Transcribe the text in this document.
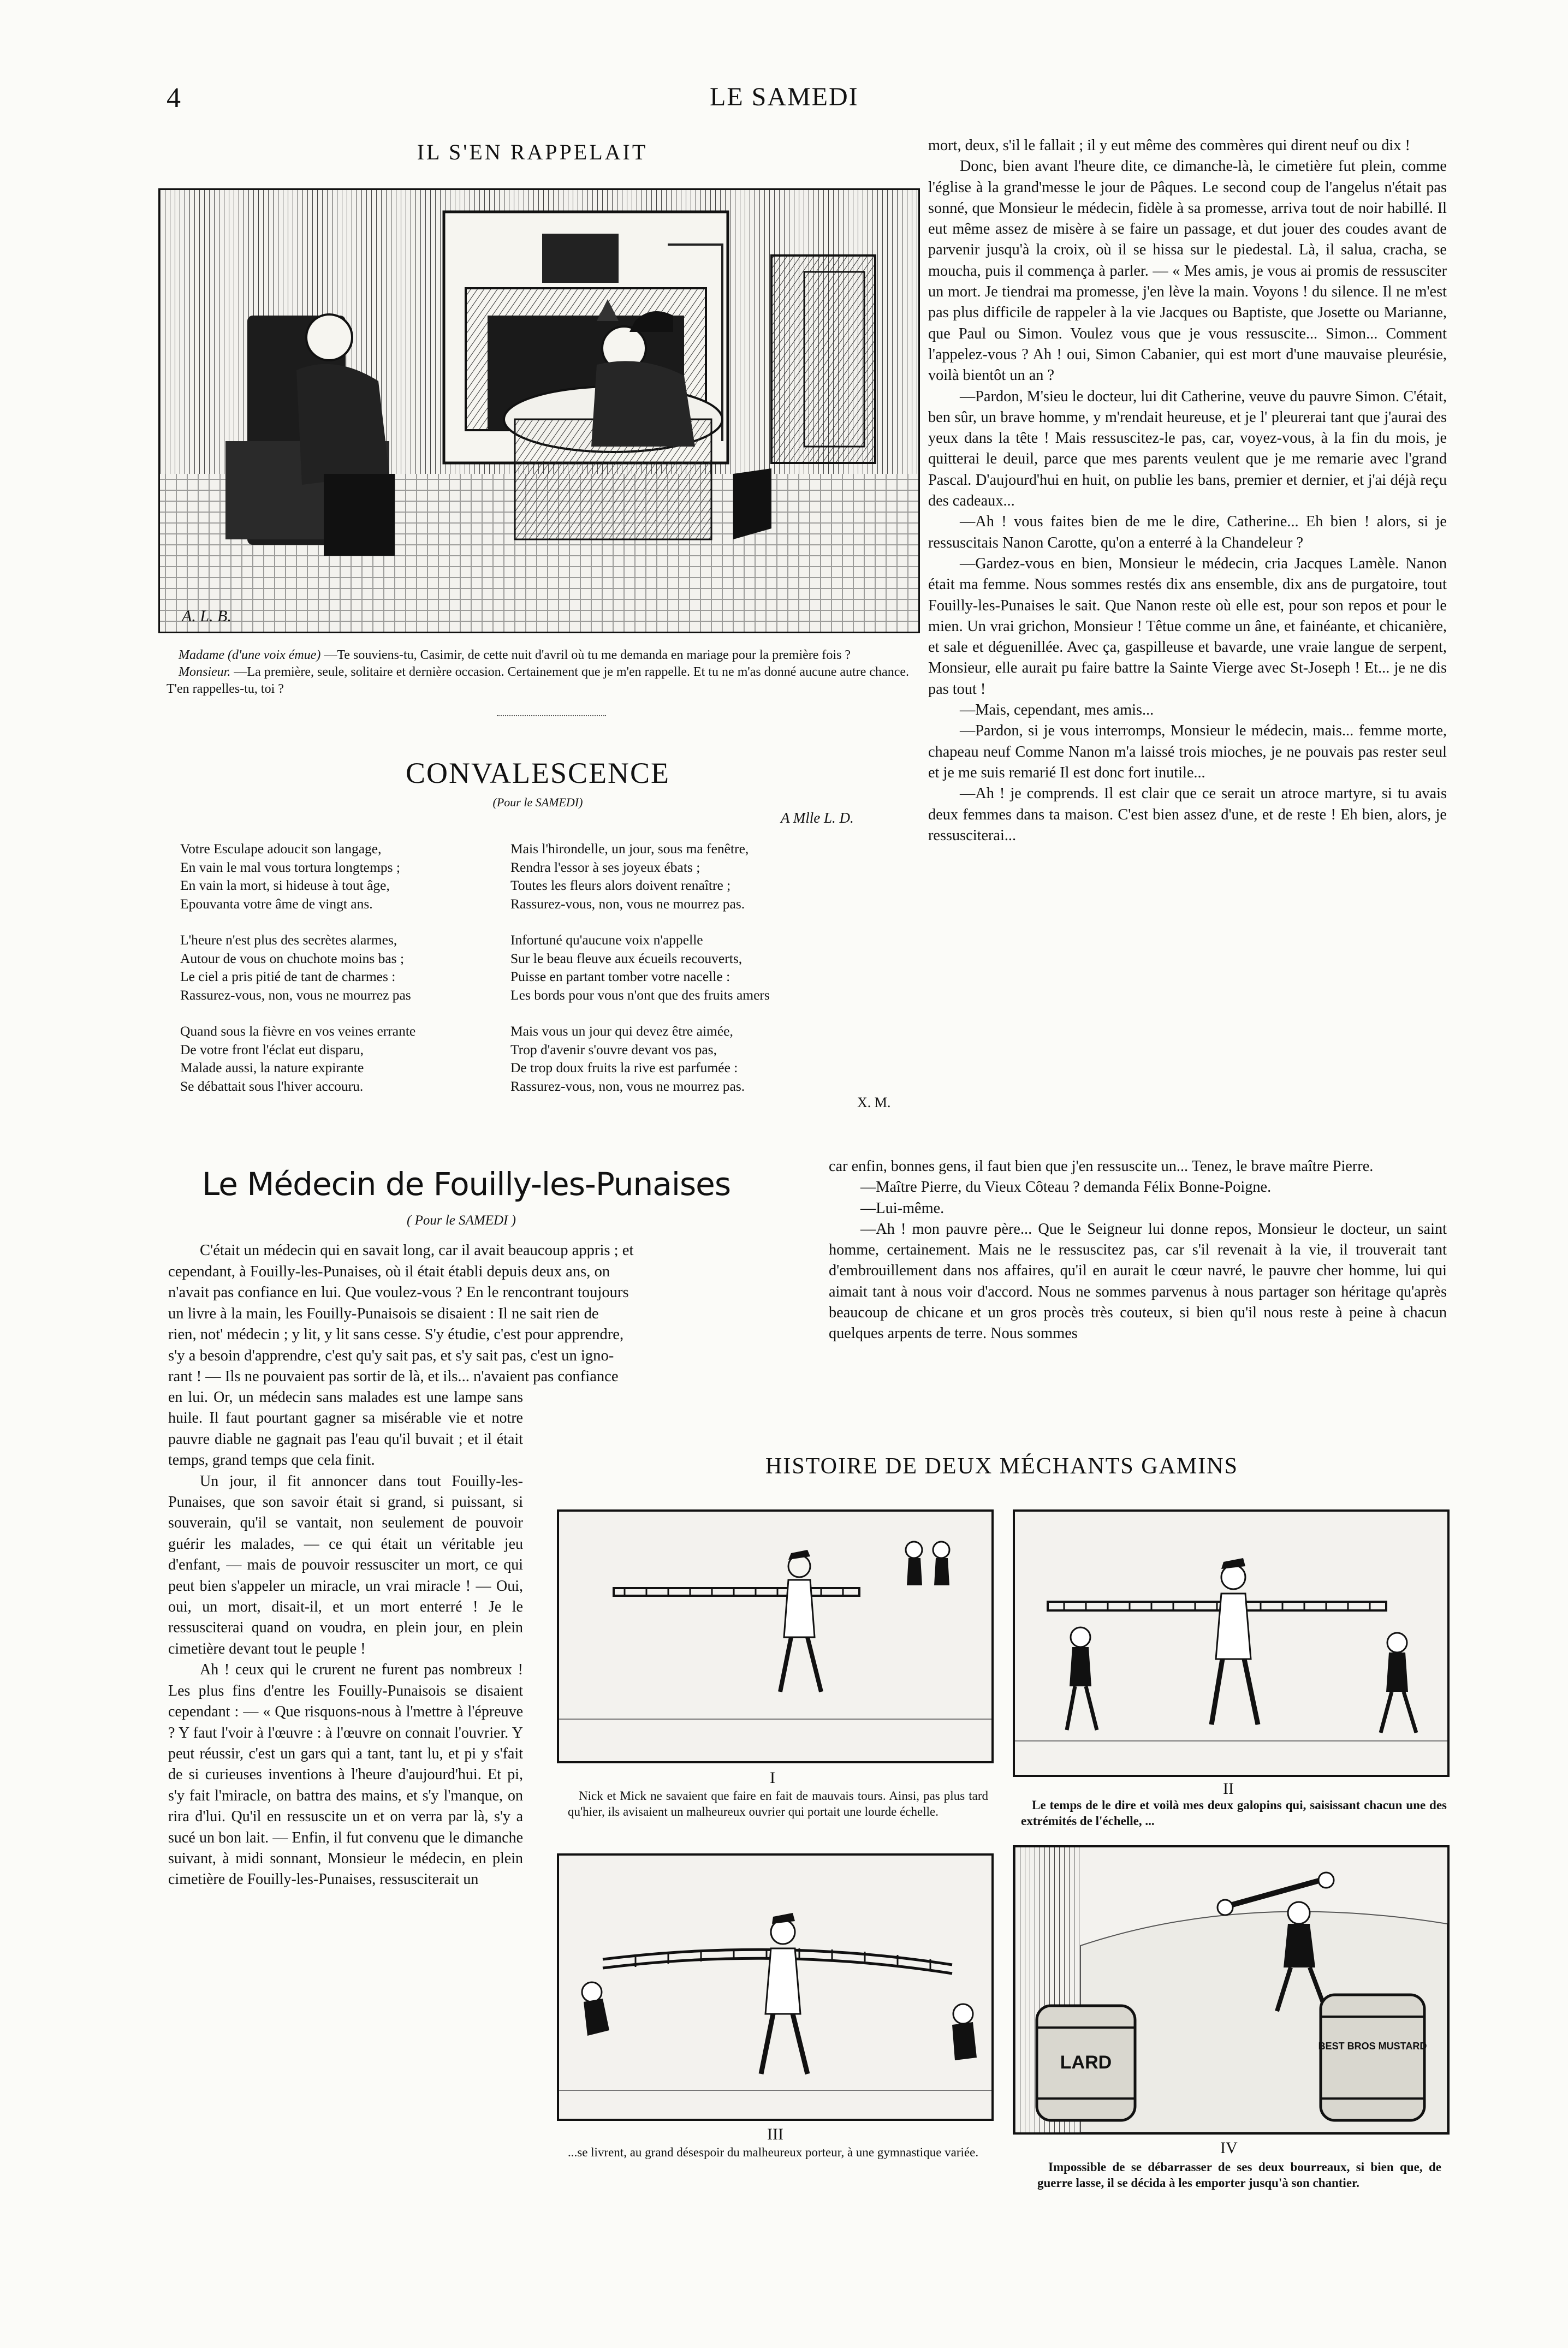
4	LE SAMEDI
IL S'EN RAPPELAIT
A. L. B.
Madame (d'une voix émue) —Te souviens-tu, Casimir, de cette nuit d'avril où tu me demanda en mariage pour la première fois ?
Monsieur. —La première, seule, solitaire et dernière occasion. Certainement que je m'en rappelle. Et tu ne m'as donné aucune autre chance. T'en rappelles-tu, toi ?
CONVALESCENCE
(Pour le SAMEDI)
A Mlle L. D.
Votre Esculape adoucit son langage,
En vain le mal vous tortura longtemps ;
En vain la mort, si hideuse à tout âge,
Epouvanta votre âme de vingt ans.
L'heure n'est plus des secrètes alarmes,
Autour de vous on chuchote moins bas ;
Le ciel a pris pitié de tant de charmes :
Rassurez-vous, non, vous ne mourrez pas
Quand sous la fièvre en vos veines errante
De votre front l'éclat eut disparu,
Malade aussi, la nature expirante
Se débattait sous l'hiver accouru.
Mais l'hirondelle, un jour, sous ma fenêtre,
Rendra l'essor à ses joyeux ébats ;
Toutes les fleurs alors doivent renaître ;
Rassurez-vous, non, vous ne mourrez pas.
Infortuné qu'aucune voix n'appelle
Sur le beau fleuve aux écueils recouverts,
Puisse en partant tomber votre nacelle :
Les bords pour vous n'ont que des fruits amers
Mais vous un jour qui devez être aimée,
Trop d'avenir s'ouvre devant vos pas,
De trop doux fruits la rive est parfumée :
Rassurez-vous, non, vous ne mourrez pas.
X. M.
Le Médecin de Fouilly-les-Punaises
( Pour le SAMEDI )
C'était un médecin qui en savait long, car il avait beaucoup appris ; et
cependant, à Fouilly-les-Punaises, où il était établi depuis deux ans, on
n'avait pas confiance en lui. Que voulez-vous ? En le rencontrant toujours
un livre à la main, les Fouilly-Punaisois se disaient : Il ne sait rien de
rien, not' médecin ; y lit, y lit sans cesse. S'y étudie, c'est pour apprendre,
s'y a besoin d'apprendre, c'est qu'y sait pas, et s'y sait pas, c'est un igno-
rant ! — Ils ne pouvaient pas sortir de là, et ils... n'avaient pas confiance

en lui. Or, un médecin sans malades est une lampe sans huile. Il faut pourtant gagner sa misérable vie et notre pauvre diable ne gagnait pas l'eau qu'il buvait ; et il était temps, grand temps que cela finit.

Un jour, il fit annoncer dans tout Fouilly-les-Punaises, que son savoir était si grand, si puissant, si souverain, qu'il se vantait, non seulement de pouvoir guérir les malades, — ce qui était un véritable jeu d'enfant, — mais de pouvoir ressusciter un mort, ce qui peut bien s'appeler un miracle, un vrai miracle ! — Oui, oui, un mort, disait-il, et un mort enterré ! Je le ressusciterai quand on voudra, en plein jour, en plein cimetière devant tout le peuple !

Ah ! ceux qui le crurent ne furent pas nombreux ! Les plus fins d'entre les Fouilly-Punaisois se disaient cependant : — « Que risquons-nous à l'mettre à l'épreuve ? Y faut l'voir à l'œuvre : à l'œuvre on connait l'ouvrier. Y peut réussir, c'est un gars qui a tant, tant lu, et pi y s'fait de si curieuses inventions à l'heure d'aujourd'hui. Et pi, s'y fait l'miracle, on battra des mains, et s'y l'manque, on rira d'lui. Qu'il en ressuscite un et on verra par là, s'y a sucé un bon lait. — Enfin, il fut convenu que le dimanche suivant, à midi sonnant, Monsieur le médecin, en plein cimetière de Fouilly-les-Punaises, ressusciterait un

mort, deux, s'il le fallait ; il y eut même des commères qui dirent neuf ou dix !

Donc, bien avant l'heure dite, ce dimanche-là, le cimetière fut plein, comme l'église à la grand'messe le jour de Pâques. Le second coup de l'angelus n'était pas sonné, que Monsieur le médecin, fidèle à sa promesse, arriva tout de noir habillé. Il eut même assez de misère à se faire un passage, et dut jouer des coudes avant de parvenir jusqu'à la croix, où il se hissa sur le piedestal. Là, il salua, cracha, se moucha, puis il commença à parler. — « Mes amis, je vous ai promis de ressusciter un mort. Je tiendrai ma promesse, j'en lève la main. Voyons ! du silence. Il ne m'est pas plus difficile de rappeler à la vie Jacques ou Baptiste, que Josette ou Marianne, que Paul ou Simon. Voulez vous que je vous ressuscite... Simon... Comment l'appelez-vous ? Ah ! oui, Simon Cabanier, qui est mort d'une mauvaise pleurésie, voilà bientôt un an ?

—Pardon, M'sieu le docteur, lui dit Catherine, veuve du pauvre Simon. C'était, ben sûr, un brave homme, y m'rendait heureuse, et je l' pleurerai tant que j'aurai des yeux dans la tête ! Mais ressuscitez-le pas, car, voyez-vous, à la fin du mois, je quitterai le deuil, parce que mes parents veulent que je me remarie avec l'grand Pascal. D'aujourd'hui en huit, on publie les bans, premier et dernier, et j'ai déjà reçu des cadeaux...

—Ah ! vous faites bien de me le dire, Catherine... Eh bien ! alors, si je ressuscitais Nanon Carotte, qu'on a enterré à la Chandeleur ?

—Gardez-vous en bien, Monsieur le médecin, cria Jacques Lamèle. Nanon était ma femme. Nous sommes restés dix ans ensemble, dix ans de purgatoire, tout Fouilly-les-Punaises le sait. Que Nanon reste où elle est, pour son repos et pour le mien. Un vrai grichon, Monsieur ! Têtue comme un âne, et fainéante, et chicanière, et sale et déguenillée. Avec ça, gaspilleuse et bavarde, une vraie langue de serpent, Monsieur, elle aurait pu faire battre la Sainte Vierge avec St-Joseph ! Et... je ne dis pas tout !

—Mais, cependant, mes amis...

—Pardon, si je vous interromps, Monsieur le médecin, mais... femme morte, chapeau neuf Comme Nanon m'a laissé trois mioches, je ne pouvais pas rester seul et je me suis remarié Il est donc fort inutile...

—Ah ! je comprends. Il est clair que ce serait un atroce martyre, si tu avais deux femmes dans ta maison. C'est bien assez d'une, et de reste ! Eh bien, alors, je ressusciterai...

car enfin, bonnes gens, il faut bien que j'en ressuscite un... Tenez, le brave maître Pierre.

—Maître Pierre, du Vieux Côteau ? demanda Félix Bonne-Poigne.

—Lui-même.

—Ah ! mon pauvre père... Que le Seigneur lui donne repos, Monsieur le docteur, un saint homme, certainement. Mais ne le ressuscitez pas, car s'il revenait à la vie, il trouverait tant d'embrouillement dans nos affaires, qu'il en aurait le cœur navré, le pauvre cher homme, lui qui aimait tant à nous voir d'accord. Nous ne sommes parvenus à nous partager son héritage qu'après beaucoup de chicane et un gros procès très couteux, si bien qu'il nous reste à peine à chacun quelques arpents de terre. Nous sommes

HISTOIRE DE DEUX MÉCHANTS GAMINS
I
Nick et Mick ne savaient que faire en fait de mauvais tours. Ainsi, pas plus tard qu'hier, ils avisaient un malheureux ouvrier qui portait une lourde échelle.
II
Le temps de le dire et voilà mes deux galopins qui, saisissant chacun une des extrémités de l'échelle, ...
III
...se livrent, au grand désespoir du malheureux porteur, à une gymnastique variée.
LARD
BEST BROS MUSTARD
IV
Impossible de se débarrasser de ses deux bourreaux, si bien que, de guerre lasse, il se décida à les emporter jusqu'à son chantier.
